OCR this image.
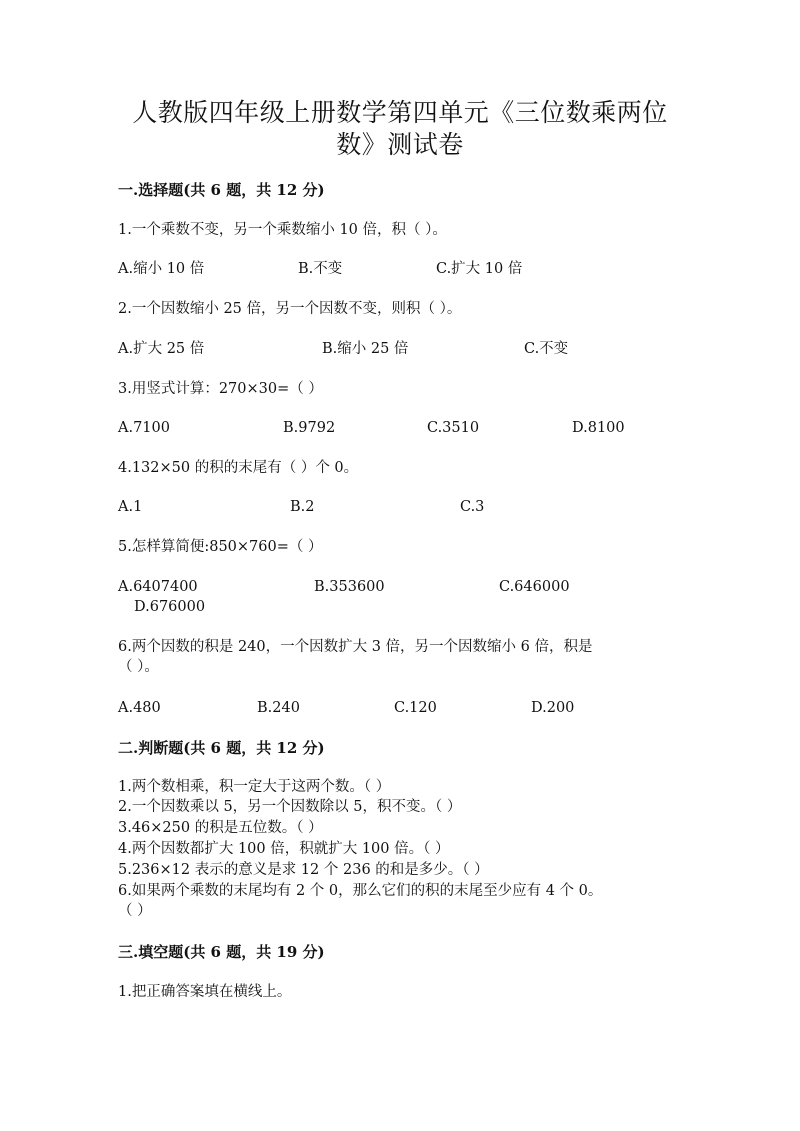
人教版四年级上册数学第四单元《三位数乘两位
数》测试卷
一.选择题(共 6 题，共 12 分)
1.一个乘数不变，另一个乘数缩小 10 倍，积（ ）。
A.缩小 10 倍	B.不变	C.扩大 10 倍
2.一个因数缩小 25 倍，另一个因数不变，则积（ ）。
A.扩大 25 倍	B.缩小 25 倍	C.不变
3.用竖式计算：270×30=（ ）
A.7100	B.9792	C.3510	D.8100
4.132×50 的积的末尾有（ ）个 0。
A.1	B.2	C.3
5.怎样算简便:850×760=（ ）
A.6407400	B.353600	C.646000
D.676000
6.两个因数的积是 240，一个因数扩大 3 倍，另一个因数缩小 6 倍，积是
（ ）。
A.480	B.240	C.120	D.200
二.判断题(共 6 题，共 12 分)
1.两个数相乘，积一定大于这两个数。（ ）
2.一个因数乘以 5，另一个因数除以 5，积不变。（ ）
3.46×250 的积是五位数。（ ）
4.两个因数都扩大 100 倍，积就扩大 100 倍。（ ）
5.236×12 表示的意义是求 12 个 236 的和是多少。（ ）
6.如果两个乘数的末尾均有 2 个 0，那么它们的积的末尾至少应有 4 个 0。
（ ）
三.填空题(共 6 题，共 19 分)
1.把正确答案填在横线上。
